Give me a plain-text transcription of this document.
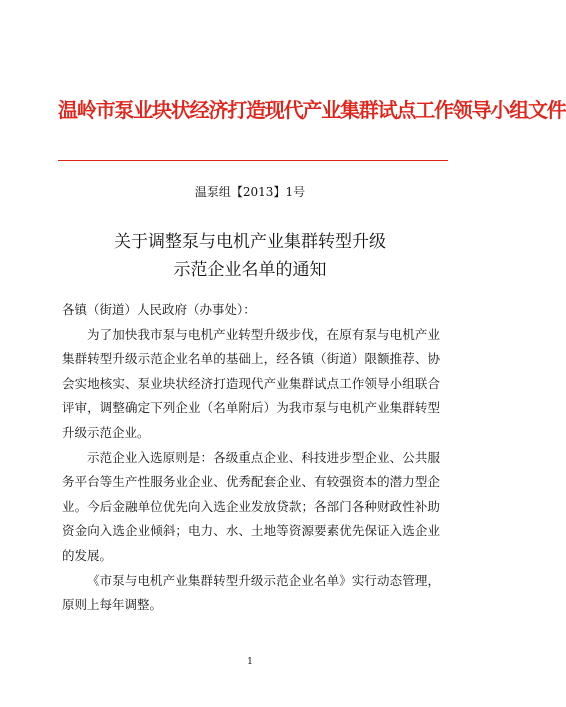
温岭市泵业块状经济打造现代产业集群试点工作领导小组文件
温泵组【2013】1号
关于调整泵与电机产业集群转型升级
示范企业名单的通知

各镇（街道）人民政府（办事处）：

为了加快我市泵与电机产业转型升级步伐，在原有泵与电机产业集群转型升级示范企业名单的基础上，经各镇（街道）限额推荐、协会实地核实、泵业块状经济打造现代产业集群试点工作领导小组联合评审，调整确定下列企业（名单附后）为我市泵与电机产业集群转型升级示范企业。

示范企业入选原则是：各级重点企业、科技进步型企业、公共服务平台等生产性服务业企业、优秀配套企业、有较强资本的潜力型企业。今后金融单位优先向入选企业发放贷款；各部门各种财政性补助资金向入选企业倾斜；电力、水、土地等资源要素优先保证入选企业的发展。

《市泵与电机产业集群转型升级示范企业名单》实行动态管理，原则上每年调整。

1
